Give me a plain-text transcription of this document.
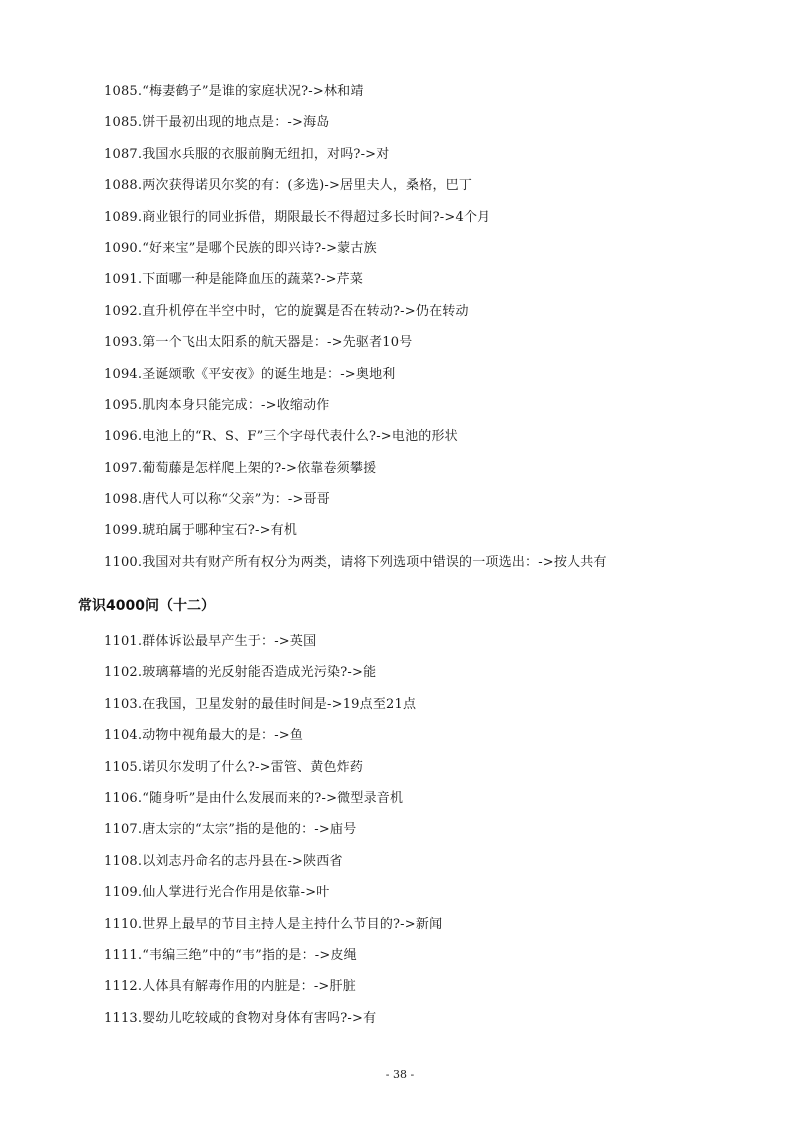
1085.“梅妻鹤子”是谁的家庭状况?->林和靖
1085.饼干最初出现的地点是：->海岛
1087.我国水兵服的衣服前胸无纽扣，对吗?->对
1088.两次获得诺贝尔奖的有：(多选)->居里夫人，桑格，巴丁
1089.商业银行的同业拆借，期限最长不得超过多长时间?->4个月
1090.“好来宝”是哪个民族的即兴诗?->蒙古族
1091.下面哪一种是能降血压的蔬菜?->芹菜
1092.直升机停在半空中时，它的旋翼是否在转动?->仍在转动
1093.第一个飞出太阳系的航天器是：->先驱者10号
1094.圣诞颂歌《平安夜》的诞生地是：->奥地利
1095.肌肉本身只能完成：->收缩动作
1096.电池上的“R、S、F”三个字母代表什么?->电池的形状
1097.葡萄藤是怎样爬上架的?->依靠卷须攀援
1098.唐代人可以称“父亲”为：->哥哥
1099.琥珀属于哪种宝石?->有机
1100.我国对共有财产所有权分为两类，请将下列选项中错误的一项选出：->按人共有
常识4000问（十二）
1101.群体诉讼最早产生于：->英国
1102.玻璃幕墙的光反射能否造成光污染?->能
1103.在我国，卫星发射的最佳时间是->19点至21点
1104.动物中视角最大的是：->鱼
1105.诺贝尔发明了什么?->雷管、黄色炸药
1106.“随身听”是由什么发展而来的?->微型录音机
1107.唐太宗的“太宗”指的是他的：->庙号
1108.以刘志丹命名的志丹县在->陕西省
1109.仙人掌进行光合作用是依靠->叶
1110.世界上最早的节目主持人是主持什么节目的?->新闻
1111.“韦编三绝”中的“韦”指的是：->皮绳
1112.人体具有解毒作用的内脏是：->肝脏
1113.婴幼儿吃较咸的食物对身体有害吗?->有
- 38 -
